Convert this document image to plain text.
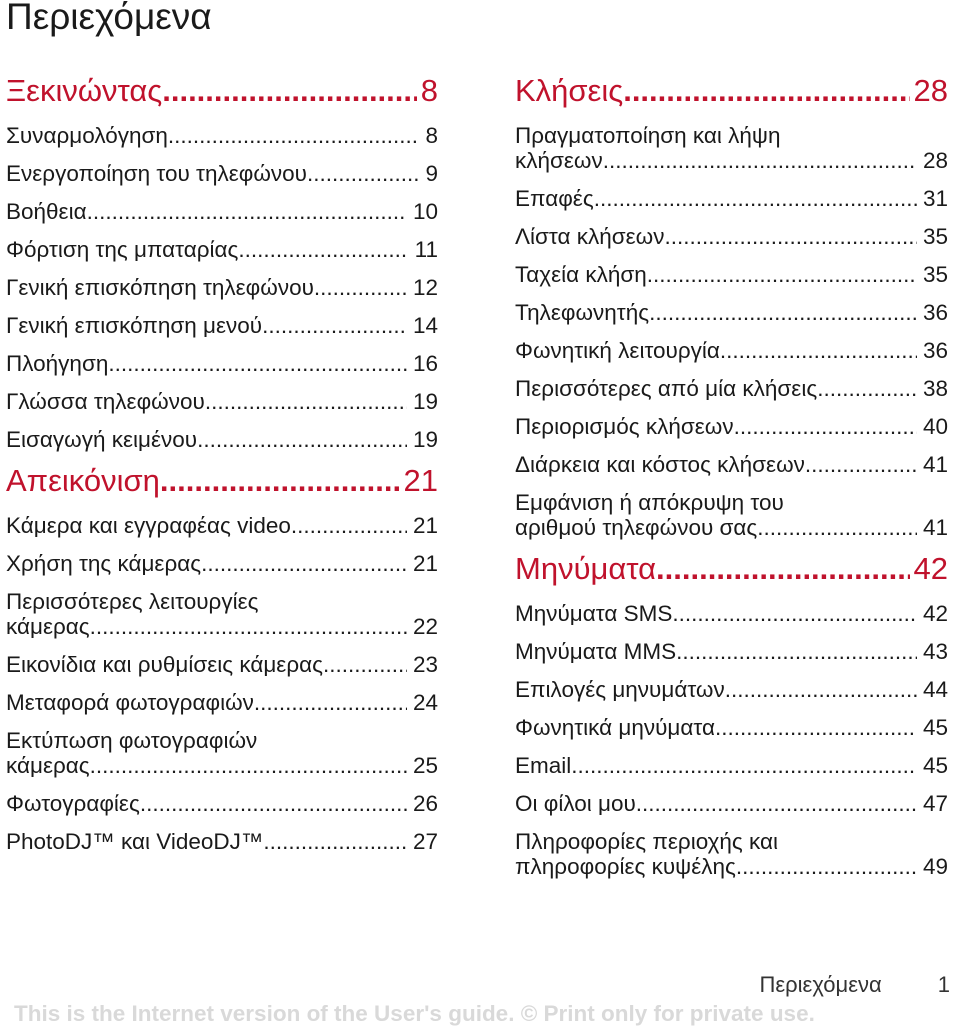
Περιεχόμενα
Ξεκινώντας .....	8
Συναρμολόγηση .....	8
Ενεργοποίηση του τηλεφώνου .....	9
Βοήθεια .....	10
Φόρτιση της μπαταρίας .....	11
Γενική επισκόπηση τηλεφώνου .....	12
Γενική επισκόπηση μενού .....	14
Πλοήγηση .....	16
Γλώσσα τηλεφώνου .....	19
Εισαγωγή κειμένου .....	19
Απεικόνιση .....	21
Κάμερα και εγγραφέας video .....	21
Χρήση της κάμερας .....	21
Περισσότερες λειτουργίες
κάμερας .....	22
Εικονίδια και ρυθμίσεις κάμερας .....	23
Μεταφορά φωτογραφιών .....	24
Εκτύπωση φωτογραφιών
κάμερας .....	25
Φωτογραφίες .....	26
PhotoDJ™ και VideoDJ™ .....	27
Κλήσεις .....	28
Πραγματοποίηση και λήψη
κλήσεων .....	28
Επαφές .....	31
Λίστα κλήσεων .....	35
Ταχεία κλήση .....	35
Τηλεφωνητής .....	36
Φωνητική λειτουργία .....	36
Περισσότερες από μία κλήσεις .....	38
Περιορισμός κλήσεων .....	40
Διάρκεια και κόστος κλήσεων .....	41
Εμφάνιση ή απόκρυψη του
αριθμού τηλεφώνου σας .....	41
Μηνύματα .....	42
Μηνύματα SMS .....	42
Μηνύματα MMS .....	43
Επιλογές μηνυμάτων .....	44
Φωνητικά μηνύματα .....	45
Email .....	45
Οι φίλοι μου .....	47
Πληροφορίες περιοχής και
πληροφορίες κυψέλης .....	49
Περιεχόμενα	1
This is the Internet version of the User's guide. © Print only for private use.
